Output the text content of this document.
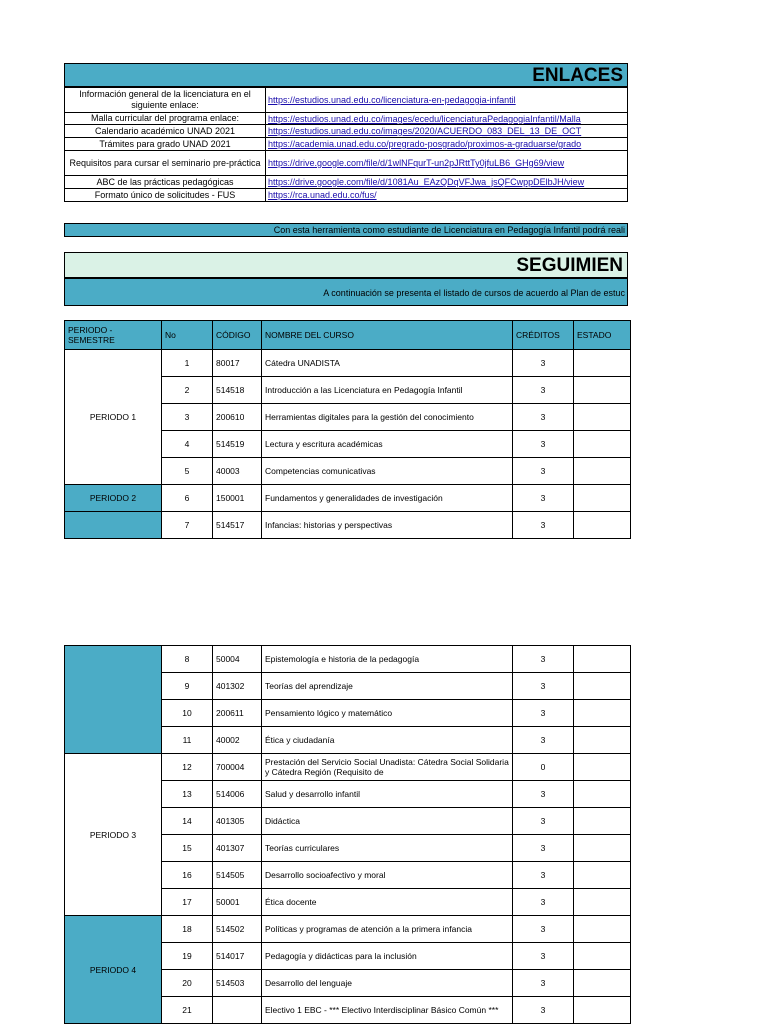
ENLACES
Información general de la licenciatura en el siguiente enlace:	https://estudios.unad.edu.co/licenciatura-en-pedagogia-infantil
Malla curricular del programa enlace:	https://estudios.unad.edu.co/images/ecedu/licenciaturaPedagogiaInfantil/Malla
Calendario académico UNAD 2021	https://estudios.unad.edu.co/images/2020/ACUERDO_083_DEL_13_DE_OCT
Trámites para grado UNAD 2021	https://academia.unad.edu.co/pregrado-posgrado/proximos-a-graduarse/grado
Requisitos para cursar el seminario pre-práctica	https://drive.google.com/file/d/1wlNFqurT-un2pJRttTy0jfuLB6_GHg69/view
ABC de las prácticas pedagógicas	https://drive.google.com/file/d/1081Au_EAzQDqVFJwa_jsQFCwppDElbJH/view
Formato único de solicitudes - FUS	https://rca.unad.edu.co/fus/
Con esta herramienta como estudiante de Licenciatura en Pedagogía Infantil podrá reali
SEGUIMIEN
A continuación se presenta el listado de cursos de acuerdo al Plan de estuc
PERIODO - SEMESTRE	No	CÓDIGO	NOMBRE DEL CURSO	CRÉDITOS	ESTADO
PERIODO 1	1	80017	Cátedra UNADISTA	3	
	2	514518	Introducción a las Licenciatura en Pedagogía Infantil	3	
	3	200610	Herramientas digitales para la gestión del conocimiento	3	
	4	514519	Lectura y escritura académicas	3	
	5	40003	Competencias comunicativas	3	
PERIODO 2	6	150001	Fundamentos y generalidades de investigación	3	
	7	514517	Infancias: historias y perspectivas	3	
	8	50004	Epistemología e historia de la pedagogía	3	
	9	401302	Teorías del aprendizaje	3	
	10	200611	Pensamiento lógico y matemático	3	
	11	40002	Ética y ciudadanía	3	
PERIODO 3	12	700004	Prestación del Servicio Social Unadista: Cátedra Social Solidaria y Cátedra Región (Requisito de	0	
	13	514006	Salud y desarrollo infantil	3	
	14	401305	Didáctica	3	
	15	401307	Teorías curriculares	3	
	16	514505	Desarrollo socioafectivo y moral	3	
	17	50001	Ética docente	3	
PERIODO 4	18	514502	Políticas y programas de atención a la primera infancia	3	
	19	514017	Pedagogía y didácticas para la inclusión	3	
	20	514503	Desarrollo del lenguaje	3	
	21		Electivo 1 EBC - *** Electivo Interdisciplinar Básico Común ***	3	
